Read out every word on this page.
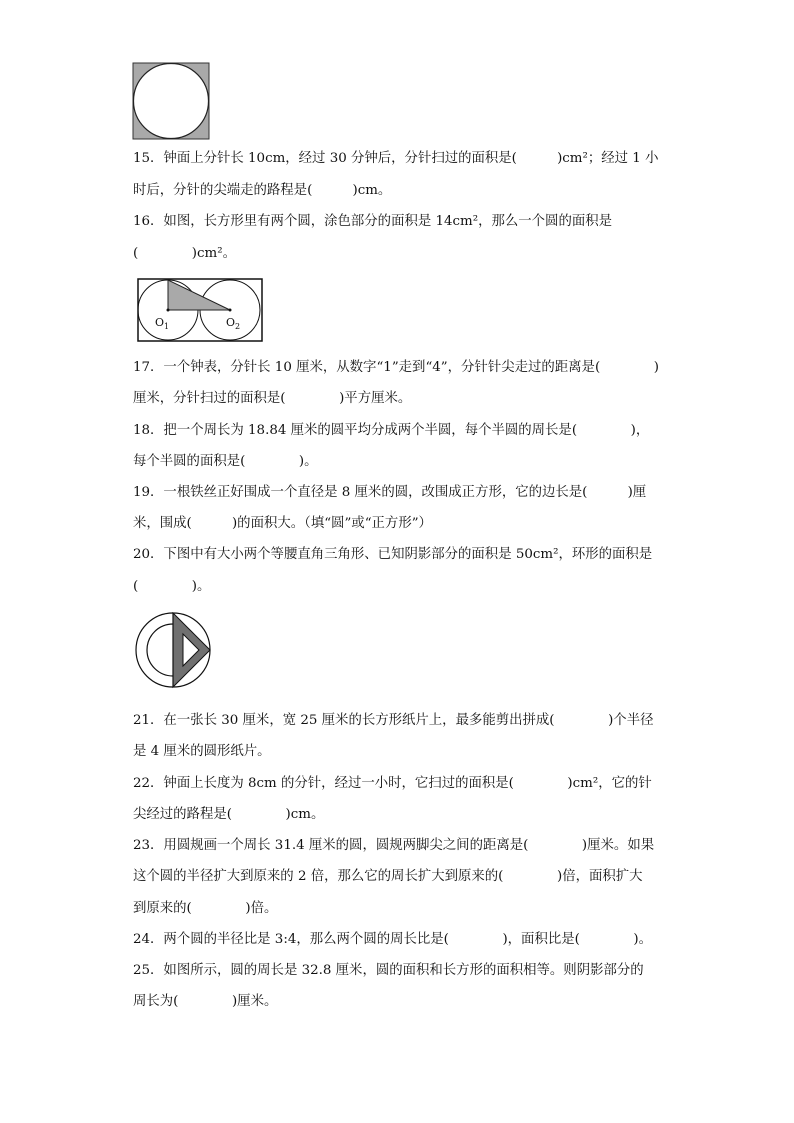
15．钟面上分针长 10cm，经过 30 分钟后，分针扫过的面积是(　　　)cm²；经过 1 小
时后，分针的尖端走的路程是(　　　)cm。
16．如图，长方形里有两个圆，涂色部分的面积是 14cm²，那么一个圆的面积是
(　　　　)cm²。
$O_1$	$O_2$
17．一个钟表，分针长 10 厘米，从数字“1”走到“4”，分针针尖走过的距离是(　　　　)
厘米，分针扫过的面积是(　　　　)平方厘米。
18．把一个周长为 18.84 厘米的圆平均分成两个半圆，每个半圆的周长是(　　　　)，
每个半圆的面积是(　　　　)。
19．一根铁丝正好围成一个直径是 8 厘米的圆，改围成正方形，它的边长是(　　　)厘
米，围成(　　　)的面积大。（填“圆”或“正方形”）
20．下图中有大小两个等腰直角三角形、已知阴影部分的面积是 50cm²，环形的面积是
(　　　　)。
21．在一张长 30 厘米，宽 25 厘米的长方形纸片上，最多能剪出拼成(　　　　)个半径
是 4 厘米的圆形纸片。
22．钟面上长度为 8cm 的分针，经过一小时，它扫过的面积是(　　　　)cm²，它的针
尖经过的路程是(　　　　)cm。
23．用圆规画一个周长 31.4 厘米的圆，圆规两脚尖之间的距离是(　　　　)厘米。如果
这个圆的半径扩大到原来的 2 倍，那么它的周长扩大到原来的(　　　　)倍，面积扩大
到原来的(　　　　)倍。
24．两个圆的半径比是 3:4，那么两个圆的周长比是(　　　　)，面积比是(　　　　)。
25．如图所示，圆的周长是 32.8 厘米，圆的面积和长方形的面积相等。则阴影部分的
周长为(　　　　)厘米。
